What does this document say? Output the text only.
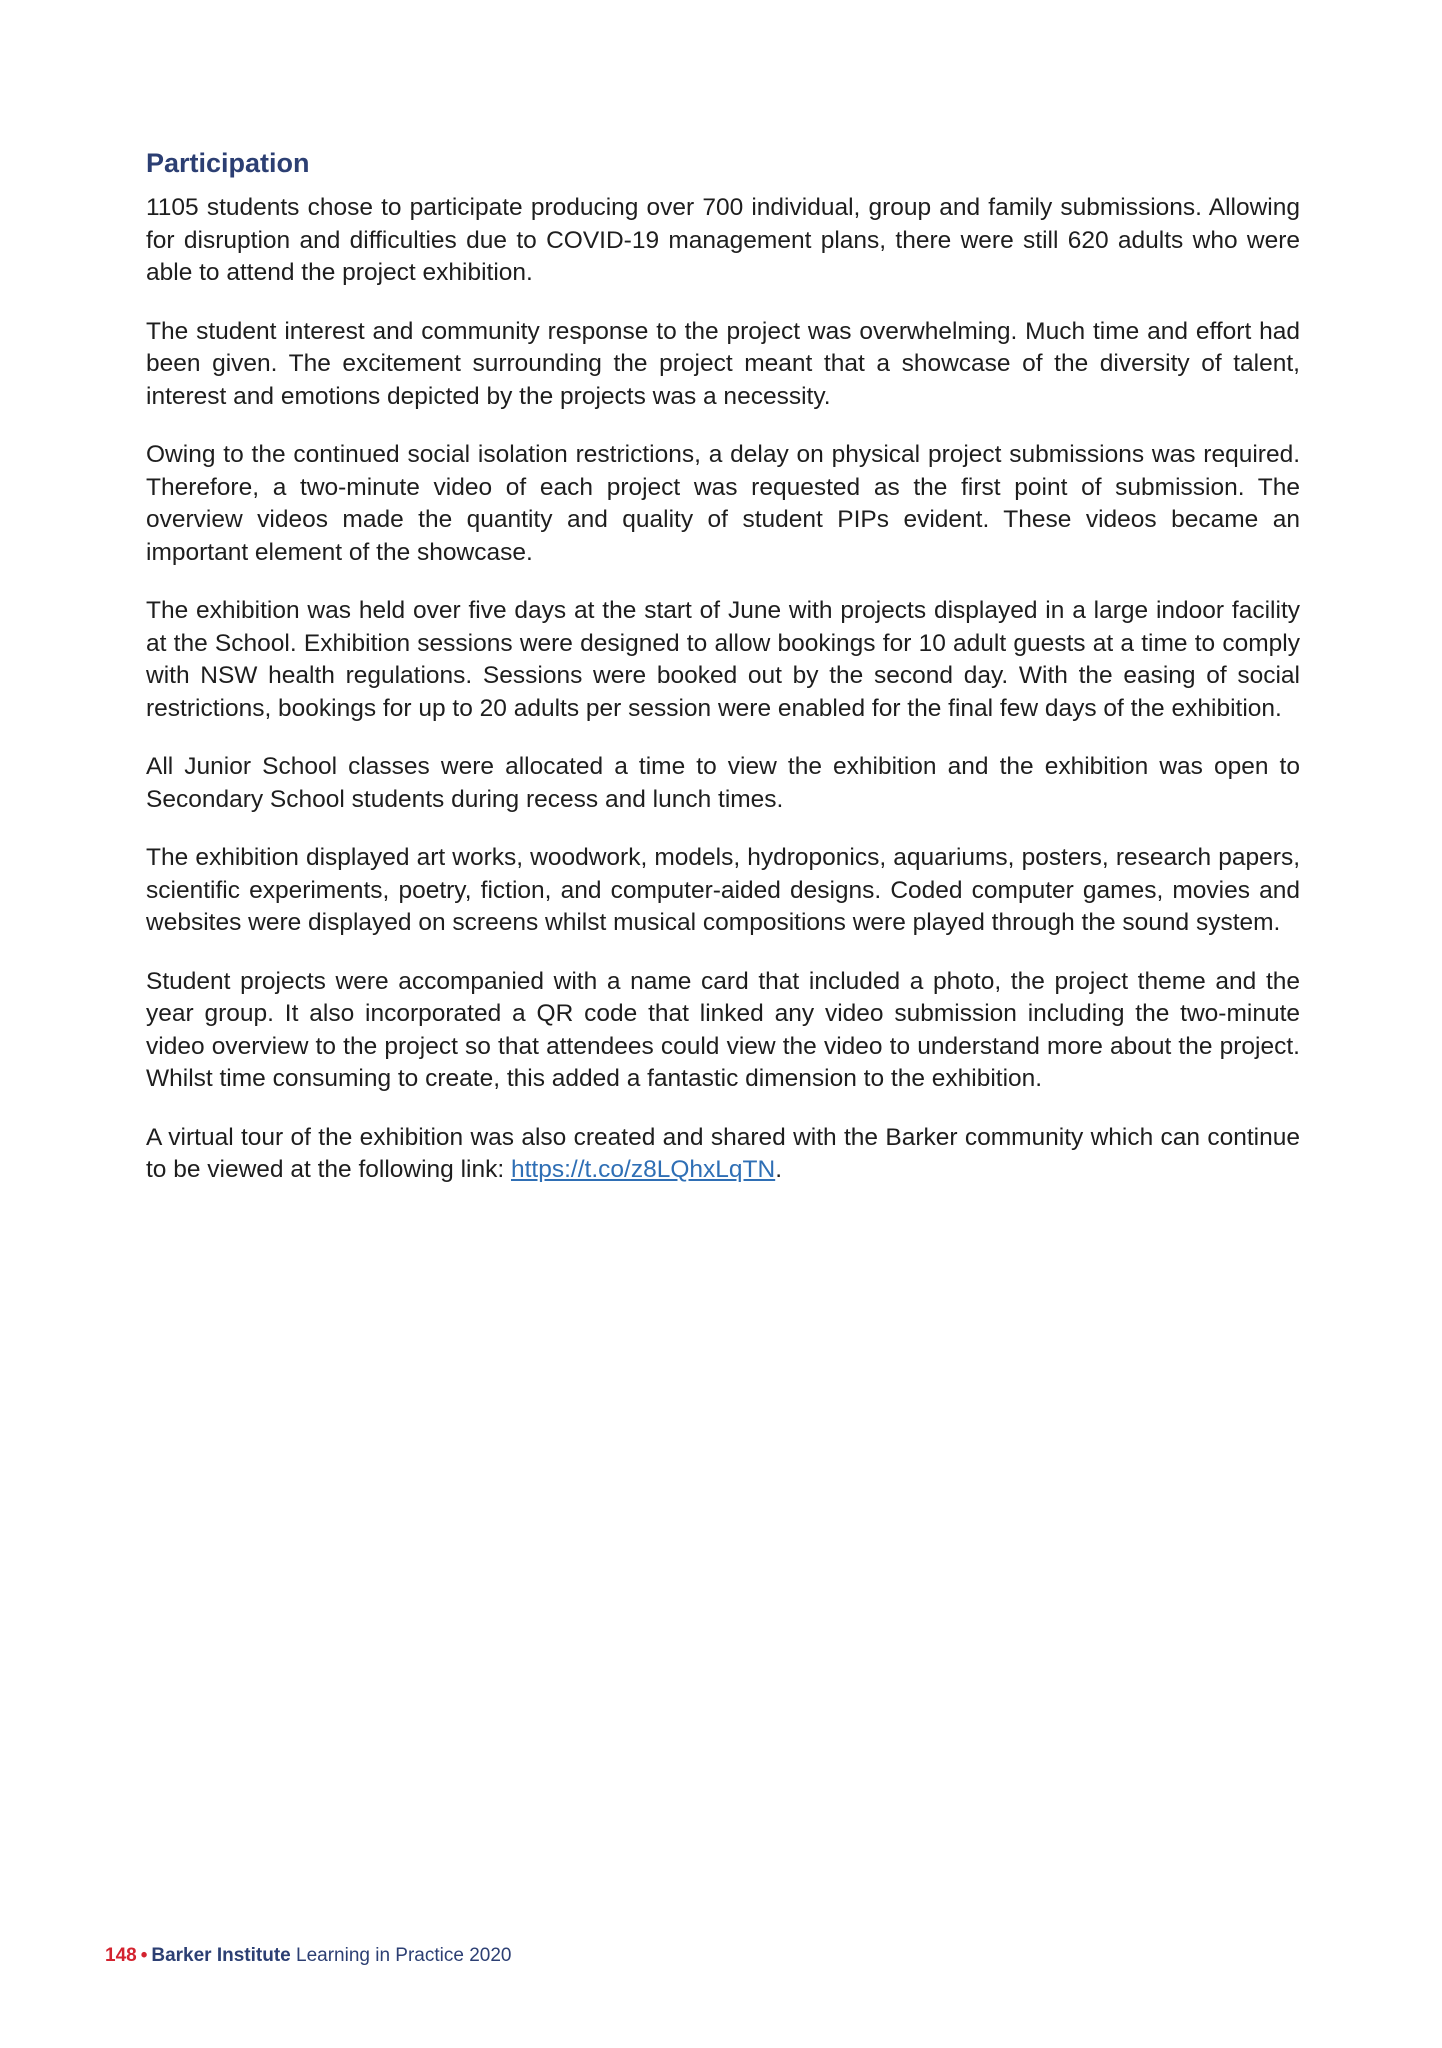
Participation

1105 students chose to participate producing over 700 individual, group and family submissions. Allowing for disruption and difficulties due to COVID-19 management plans, there were still 620 adults who were able to attend the project exhibition.

The student interest and community response to the project was overwhelming. Much time and effort had been given. The excitement surrounding the project meant that a showcase of the diversity of talent, interest and emotions depicted by the projects was a necessity.

Owing to the continued social isolation restrictions, a delay on physical project submissions was required. Therefore, a two-minute video of each project was requested as the first point of submission. The overview videos made the quantity and quality of student PIPs evident. These videos became an important element of the showcase.

The exhibition was held over five days at the start of June with projects displayed in a large indoor facility at the School. Exhibition sessions were designed to allow bookings for 10 adult guests at a time to comply with NSW health regulations. Sessions were booked out by the second day. With the easing of social restrictions, bookings for up to 20 adults per session were enabled for the final few days of the exhibition.

All Junior School classes were allocated a time to view the exhibition and the exhibition was open to Secondary School students during recess and lunch times.

The exhibition displayed art works, woodwork, models, hydroponics, aquariums, posters, research papers, scientific experiments, poetry, fiction, and computer-aided designs. Coded computer games, movies and websites were displayed on screens whilst musical compositions were played through the sound system.

Student projects were accompanied with a name card that included a photo, the project theme and the year group. It also incorporated a QR code that linked any video submission including the two-minute video overview to the project so that attendees could view the video to understand more about the project. Whilst time consuming to create, this added a fantastic dimension to the exhibition.

A virtual tour of the exhibition was also created and shared with the Barker community which can continue to be viewed at the following link: https://t.co/z8LQhxLqTN.

148 • Barker Institute Learning in Practice 2020
